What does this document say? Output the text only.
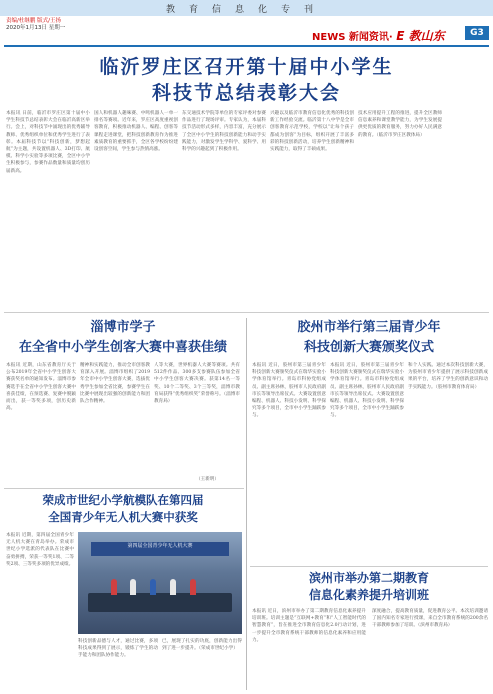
教育信息化专刊
责编/杜继鹏 版式/王扬
2020年1月13日 星期一
NEWS 新闻资讯· E 教山东	G3
临沂罗庄区召开第十届中小学生
科技节总结表彰大会
本报讯 日前，临沂市罗庄区第十届中小学生科技节总结表彰大会在临沂高新区举行。会上，对科技节中涌现出的优秀辅导教师、优秀组织单位和优秀学生进行了表彰。本届科技节以“科技创新，梦想起航”为主题，共设置机器人、3D打印、航模、科学小实验等多项比赛，全区中小学生积极参与，参赛作品数量和质量均创历届新高。
国人和机器人趣味赛、中鸣机器人一单一排名等赛项。近年来，罗庄区高度重视创客教育，积极推动机器人、编程、创客等课程走进课堂，把科技创新教育作为推进素质教育的重要抓手，全区各学校纷纷建设创客空间，学生参与热情高涨。
东交通技术学院等单位的专家评委对参赛作品进行了现场评审。专家认为，本届科技节活动形式多样，内容丰富，充分展示了全区中小学生的科技创新能力和动手实践能力，对激发学生学科学、爱科学、用科学的兴趣起到了积极作用。
兴趣以及临沂市教育信息化优秀的科技创新工作经验交流。临沂第十八中学是全市创客教育示范学校，学校以“让每个孩子都成为创客”为目标，组织开展了丰富多彩的科技创新活动，培养学生创新精神和实践能力，取得了丰硕成果。
技术应用提升工程的推进，提升全区教师信息素养和课堂教学能力，为学生发展提供更优质的教育服务，努力办好人民满意的教育。（临沂市罗庄区教体局）
淄博市学子
在全省中小学生创客大赛中喜获佳绩
本报讯 近期，山东省教育厅关于公布2019年全省中小学生创客大赛获奖名单的通知发布。淄博市参赛选手在全省中小学生创客大赛中喜获佳绩，在预选赛、复赛中脱颖而出，获一等奖多项，创历史新高。
精神和实践能力，推动全市创客教育深入开展。淄博市组织了2019年全市中小学生创客大赛，选拔优秀学生参加全省比赛，参赛学生在比赛中展现出较强的创新能力和团队合作精神。
人等大赛，世界机器人大赛等赛项。共有512件作品、300多支参赛队伍参加全省中小学生创客大赛决赛。获第14名一等奖、10个二等奖、3个三等奖，淄博市教育局获得“优秀组织奖”荣誉称号。（淄博市教育局）
（王新明）
胶州市举行第三届青少年
科技创新大赛颁奖仪式
本报讯 近日，胶州市第三届青少年科技创新大赛颁奖仪式在瑞华实验小学体育馆举行。青岛市科协党组成员、副主席孙林，胶州市人民政府副市长等领导出席仪式。大赛设置创意编程、机器人、科技小发明、科学探究等多个项目，全市中小学生踊跃参与。
本报讯 近日，胶州市第三届青少年科技创新大赛颁奖仪式在瑞华实验小学体育馆举行。青岛市科协党组成员、副主席孙林，胶州市人民政府副市长等领导出席仪式。大赛设置创意编程、机器人、科技小发明、科学探究等多个项目，全市中小学生踊跃参与。
和个人实践。通过本次科技创新大赛，为胶州市青少年提供了展示科技创新成果的平台，培养了学生的创新意识和动手实践能力。（胶州市教育体育局）
荣成市世纪小学航模队在第四届
全国青少年无人机大赛中获奖
本报讯 近期，第四届全国青少年无人机大赛在青岛举办。荣成市世纪小学选派的代表队在比赛中奋勇拼搏，荣获一等奖1项、二等奖2项、三等奖多项的优异成绩。
第四届全国青少年无人机大赛
科技创新品德与人才，通过比赛，多项科技成果得到了展示，锻炼了学生的动手能力和团队协作能力。
已，展现了扎实的功底，创新能力出得到了进一步提升。（荣成市世纪小学）
滨州市举办第二期教育
信息化素养提升培训班
本报讯 近日，滨州市举办了第二期教育信息化素养提升培训班。培训主题是“互联网+教育”和“人工智能时代的智慧教育”，旨在推进全市教育信息化2.0行动计划，进一步提升全市教育系统干部教师的信息化素养和应用能力。
深度融合，提高教育质量，促进教育公平。本次培训邀请了国内知名专家进行授课，来自全市教育系统的200余名干部教师参加了培训。（滨州市教育局）
